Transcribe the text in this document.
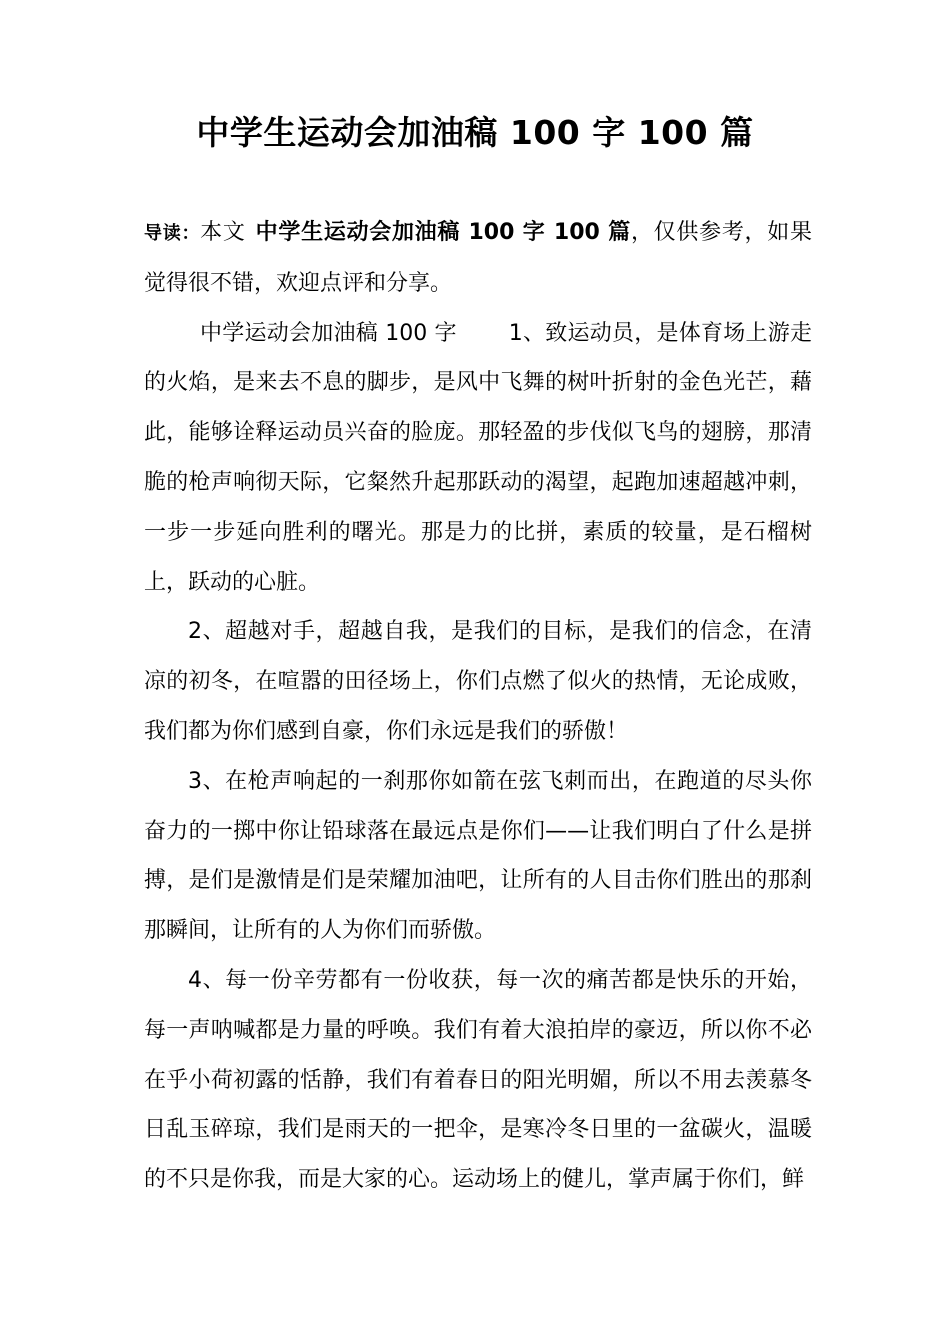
中学生运动会加油稿 100 字 100 篇

导读：本文 中学生运动会加油稿 100 字 100 篇，仅供参考，如果觉得很不错，欢迎点评和分享。

中学运动会加油稿 100 字 1、致运动员，是体育场上游走的火焰，是来去不息的脚步，是风中飞舞的树叶折射的金色光芒，藉此，能够诠释运动员兴奋的脸庞。那轻盈的步伐似飞鸟的翅膀，那清脆的枪声响彻天际，它粲然升起那跃动的渴望，起跑加速超越冲刺，一步一步延向胜利的曙光。那是力的比拼，素质的较量，是石榴树上，跃动的心脏。

2、超越对手，超越自我，是我们的目标，是我们的信念，在清凉的初冬，在喧嚣的田径场上，你们点燃了似火的热情，无论成败，我们都为你们感到自豪，你们永远是我们的骄傲！

3、在枪声响起的一刹那你如箭在弦飞刺而出，在跑道的尽头你奋力的一掷中你让铅球落在最远点是你们——让我们明白了什么是拼搏，是们是激情是们是荣耀加油吧，让所有的人目击你们胜出的那刹那瞬间，让所有的人为你们而骄傲。

4、每一份辛劳都有一份收获，每一次的痛苦都是快乐的开始，每一声呐喊都是力量的呼唤。我们有着大浪拍岸的豪迈，所以你不必在乎小荷初露的恬静，我们有着春日的阳光明媚，所以不用去羡慕冬日乱玉碎琼，我们是雨天的一把伞，是寒冷冬日里的一盆碳火，温暖的不只是你我，而是大家的心。运动场上的健儿，掌声属于你们，鲜
